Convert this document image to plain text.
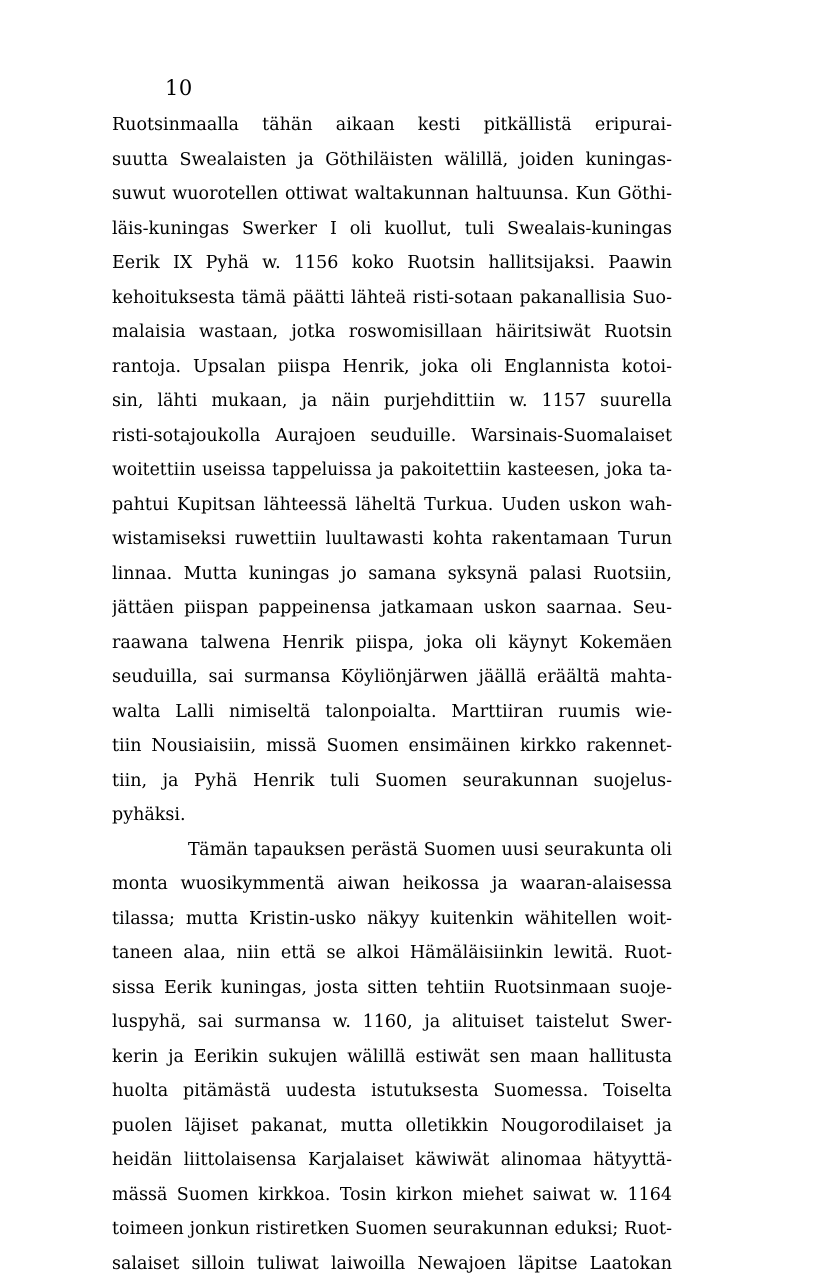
10
Ruotsinmaalla tähän aikaan kesti pitkällistä eripurai-
suutta Swealaisten ja Göthiläisten wälillä, joiden kuningas-
suwut wuorotellen ottiwat waltakunnan haltuunsa. Kun Göthi-
läis-kuningas Swerker I oli kuollut, tuli Swealais-kuningas
Eerik IX Pyhä w. 1156 koko Ruotsin hallitsijaksi. Paawin
kehoituksesta tämä päätti lähteä risti-sotaan pakanallisia Suo-
malaisia wastaan, jotka roswomisillaan häiritsiwät Ruotsin
rantoja. Upsalan piispa Henrik, joka oli Englannista kotoi-
sin, lähti mukaan, ja näin purjehdittiin w. 1157 suurella
risti-sotajoukolla Aurajoen seuduille. Warsinais-Suomalaiset
woitettiin useissa tappeluissa ja pakoitettiin kasteesen, joka ta-
pahtui Kupitsan lähteessä läheltä Turkua. Uuden uskon wah-
wistamiseksi ruwettiin luultawasti kohta rakentamaan Turun
linnaa. Mutta kuningas jo samana syksynä palasi Ruotsiin,
jättäen piispan pappeinensa jatkamaan uskon saarnaa. Seu-
raawana talwena Henrik piispa, joka oli käynyt Kokemäen
seuduilla, sai surmansa Köyliönjärwen jäällä eräältä mahta-
walta Lalli nimiseltä talonpoialta. Marttiiran ruumis wie-
tiin Nousiaisiin, missä Suomen ensimäinen kirkko rakennet-
tiin, ja Pyhä Henrik tuli Suomen seurakunnan suojelus-
pyhäksi.
Tämän tapauksen perästä Suomen uusi seurakunta oli
monta wuosikymmentä aiwan heikossa ja waaran-alaisessa
tilassa; mutta Kristin-usko näkyy kuitenkin wähitellen woit-
taneen alaa, niin että se alkoi Hämäläisiinkin lewitä. Ruot-
sissa Eerik kuningas, josta sitten tehtiin Ruotsinmaan suoje-
luspyhä, sai surmansa w. 1160, ja alituiset taistelut Swer-
kerin ja Eerikin sukujen wälillä estiwät sen maan hallitusta
huolta pitämästä uudesta istutuksesta Suomessa. Toiselta
puolen läjiset pakanat, mutta olletikkin Nougorodilaiset ja
heidän liittolaisensa Karjalaiset käwiwät alinomaa hätyyttä-
mässä Suomen kirkkoa. Tosin kirkon miehet saiwat w. 1164
toimeen jonkun ristiretken Suomen seurakunnan eduksi; Ruot-
salaiset silloin tuliwat laiwoilla Newajoen läpitse Laatokan
